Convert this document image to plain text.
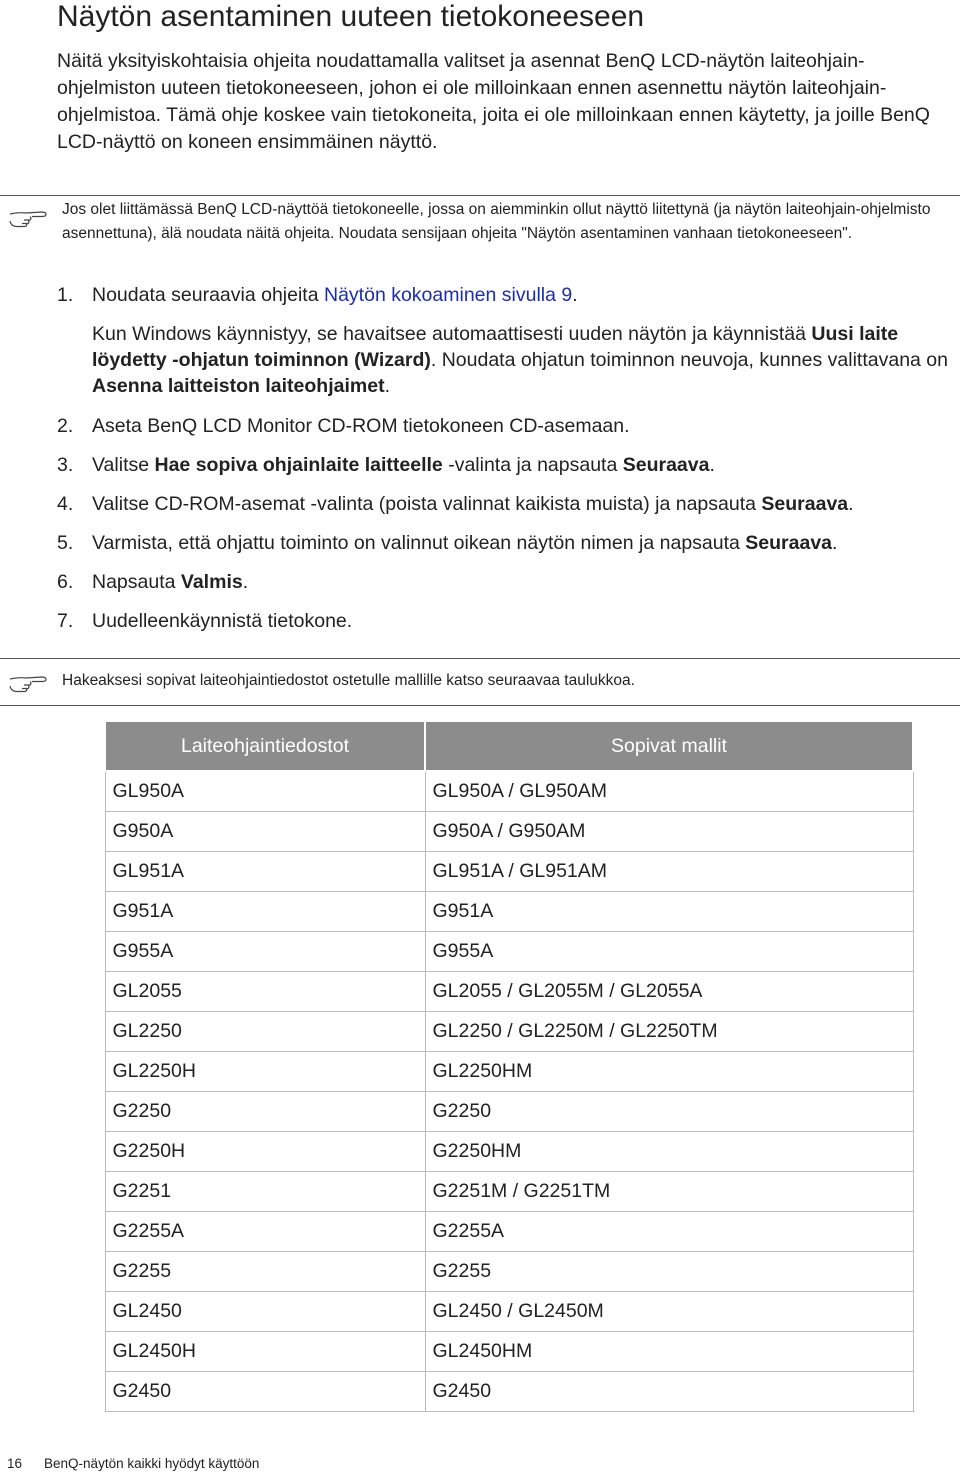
Näytön asentaminen uuteen tietokoneeseen

Näitä yksityiskohtaisia ohjeita noudattamalla valitset ja asennat BenQ LCD-näytön laiteohjain-ohjelmiston uuteen tietokoneeseen, johon ei ole milloinkaan ennen asennettu näytön laiteohjain-ohjelmistoa. Tämä ohje koskee vain tietokoneita, joita ei ole milloinkaan ennen käytetty, ja joille BenQ LCD-näyttö on koneen ensimmäinen näyttö.

Jos olet liittämässä BenQ LCD-näyttöä tietokoneelle, jossa on aiemminkin ollut näyttö liitettynä (ja näytön laiteohjain-ohjelmisto asennettuna), älä noudata näitä ohjeita. Noudata sensijaan ohjeita "Näytön asentaminen vanhaan tietokoneeseen".
1. Noudata seuraavia ohjeita Näytön kokoaminen sivulla 9.
Kun Windows käynnistyy, se havaitsee automaattisesti uuden näytön ja käynnistää Uusi laite löydetty -ohjatun toiminnon (Wizard). Noudata ohjatun toiminnon neuvoja, kunnes valittavana on Asenna laitteiston laiteohjaimet.
2. Aseta BenQ LCD Monitor CD-ROM tietokoneen CD-asemaan.
3. Valitse Hae sopiva ohjainlaite laitteelle -valinta ja napsauta Seuraava.
4. Valitse CD-ROM-asemat -valinta (poista valinnat kaikista muista) ja napsauta Seuraava.
5. Varmista, että ohjattu toiminto on valinnut oikean näytön nimen ja napsauta Seuraava.
6. Napsauta Valmis.
7. Uudelleenkäynnistä tietokone.
Hakeaksesi sopivat laiteohjaintiedostot ostetulle mallille katso seuraavaa taulukkoa.
Laiteohjaintiedostot	Sopivat mallit
GL950A	GL950A / GL950AM
G950A	G950A / G950AM
GL951A	GL951A / GL951AM
G951A	G951A
G955A	G955A
GL2055	GL2055 / GL2055M / GL2055A
GL2250	GL2250 / GL2250M / GL2250TM
GL2250H	GL2250HM
G2250	G2250
G2250H	G2250HM
G2251	G2251M / G2251TM
G2255A	G2255A
G2255	G2255
GL2450	GL2450 / GL2450M
GL2450H	GL2450HM
G2450	G2450
16 BenQ-näytön kaikki hyödyt käyttöön
